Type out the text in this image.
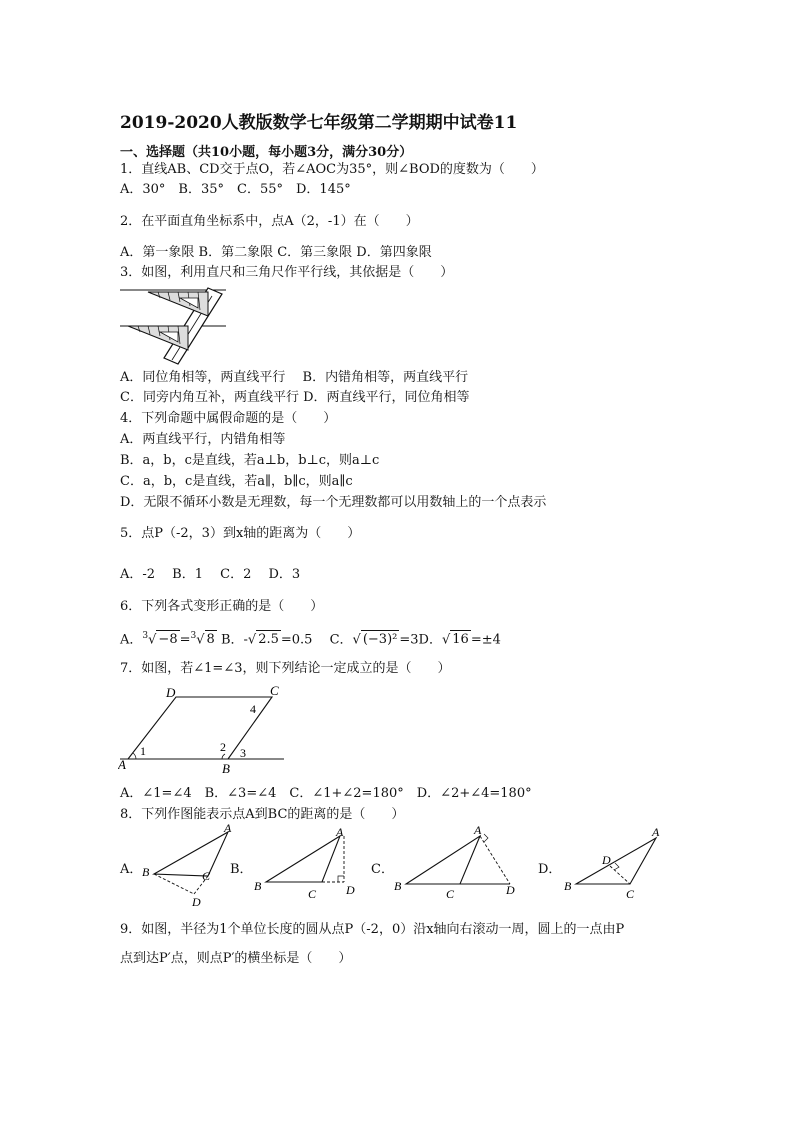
2019-2020人教版数学七年级第二学期期中试卷11
一、选择题（共10小题，每小题3分，满分30分）
1．直线AB、CD交于点O，若∠AOC为35°，则∠BOD的度数为（　　）
A．30°　B．35°　C．55°　D．145°
2．在平面直角坐标系中，点A（2，-1）在（　　）
A．第一象限 B．第二象限 C．第三象限 D．第四象限
3．如图，利用直尺和三角尺作平行线，其依据是（　　）
A．同位角相等，两直线平行　 B．内错角相等，两直线平行
C．同旁内角互补，两直线平行 D．两直线平行，同位角相等
4．下列命题中属假命题的是（　　）
A．两直线平行，内错角相等
B．a，b，c是直线，若a⊥b，b⊥c，则a⊥c
C．a，b，c是直线，若a∥，b∥c，则a∥c
D．无限不循环小数是无理数，每一个无理数都可以用数轴上的一个点表示
5．点P（-2，3）到x轴的距离为（　　）
A．-2　 B．1　 C．2　 D．3
6．下列各式变形正确的是（　　）
A．$^3$√ −8 =$^3$√ 8 B．-√ 2.5 =0.5　 C．√ (−3)² =3D．√ 16 =±4
7．如图，若∠1=∠3，则下列结论一定成立的是（　　）
D	C
A	B
1	2 3
4
A．∠1=∠4　B．∠3=∠4　C．∠1+∠2=180°　D．∠2+∠4=180°
8．下列作图能表示点A到BC的距离的是（　　）
A．
A
B	C
D
B．
A
B
C D
C．
A
B
C	D
D．
A
B
C
D
9．如图，半径为1个单位长度的圆从点P（-2，0）沿x轴向右滚动一周，圆上的一点由P
点到达P′点，则点P′的横坐标是（　　）
